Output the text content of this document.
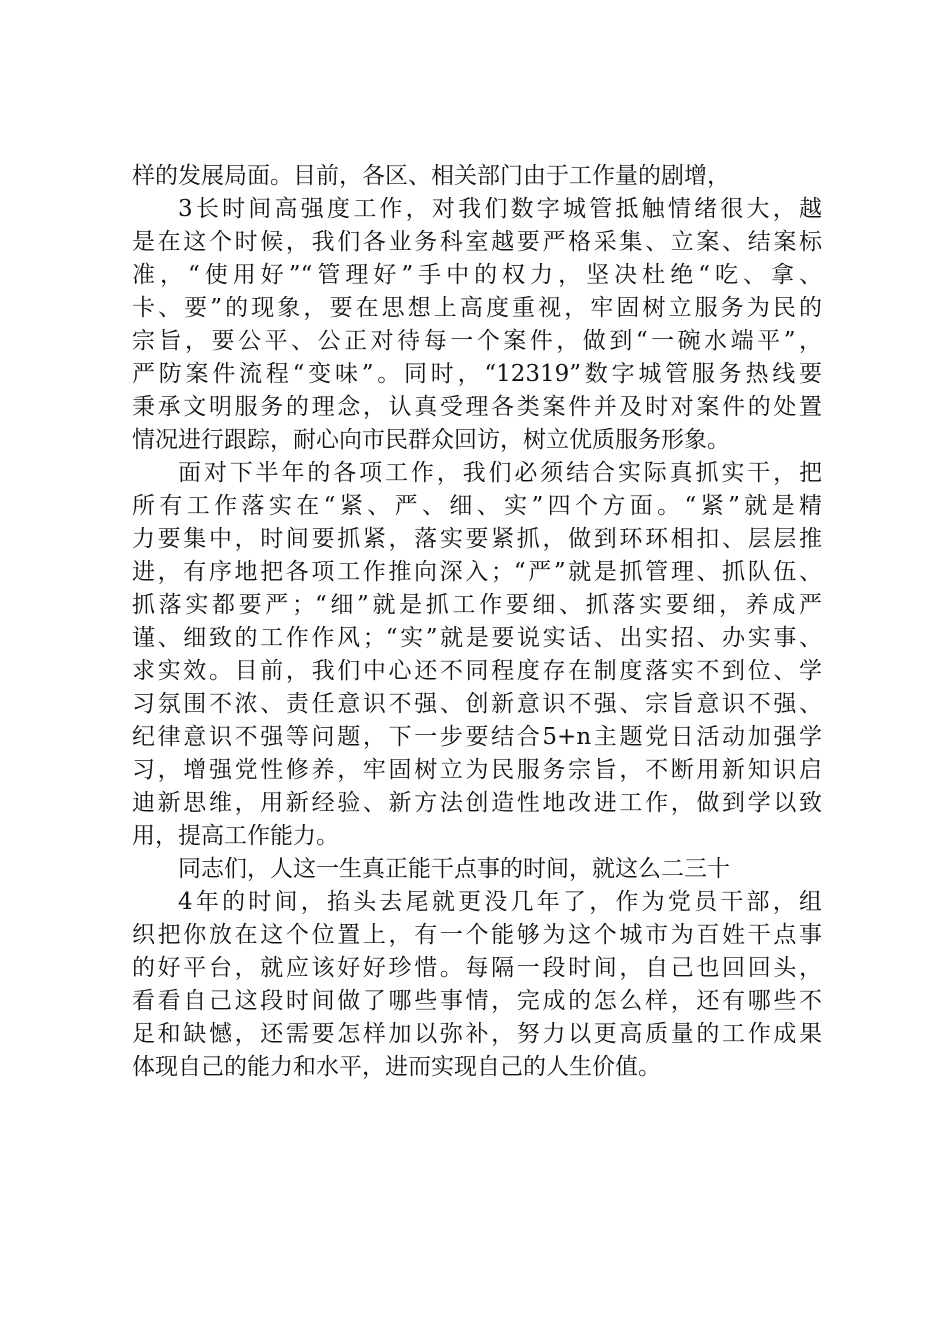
样的发展局面。目前，各区、相关部门由于工作量的剧增，
3长时间高强度工作，对我们数字城管抵触情绪很大，越
是在这个时候，我们各业务科室越要严格采集、立案、结案标
准，“使用好”“管理好”手中的权力，坚决杜绝“吃、拿、
卡、要”的现象，要在思想上高度重视，牢固树立服务为民的
宗旨，要公平、公正对待每一个案件，做到“一碗水端平”，
严防案件流程“变味”。同时，“12319”数字城管服务热线要
秉承文明服务的理念，认真受理各类案件并及时对案件的处置
情况进行跟踪，耐心向市民群众回访，树立优质服务形象。
面对下半年的各项工作，我们必须结合实际真抓实干，把
所有工作落实在“紧、严、细、实”四个方面。“紧”就是精
力要集中，时间要抓紧，落实要紧抓，做到环环相扣、层层推
进，有序地把各项工作推向深入；“严”就是抓管理、抓队伍、
抓落实都要严；“细”就是抓工作要细、抓落实要细，养成严
谨、细致的工作作风；“实”就是要说实话、出实招、办实事、
求实效。目前，我们中心还不同程度存在制度落实不到位、学
习氛围不浓、责任意识不强、创新意识不强、宗旨意识不强、
纪律意识不强等问题，下一步要结合5+n主题党日活动加强学
习，增强党性修养，牢固树立为民服务宗旨，不断用新知识启
迪新思维，用新经验、新方法创造性地改进工作，做到学以致
用，提高工作能力。
同志们，人这一生真正能干点事的时间，就这么二三十
4年的时间，掐头去尾就更没几年了，作为党员干部，组
织把你放在这个位置上，有一个能够为这个城市为百姓干点事
的好平台，就应该好好珍惜。每隔一段时间，自己也回回头，
看看自己这段时间做了哪些事情，完成的怎么样，还有哪些不
足和缺憾，还需要怎样加以弥补，努力以更高质量的工作成果
体现自己的能力和水平，进而实现自己的人生价值。
